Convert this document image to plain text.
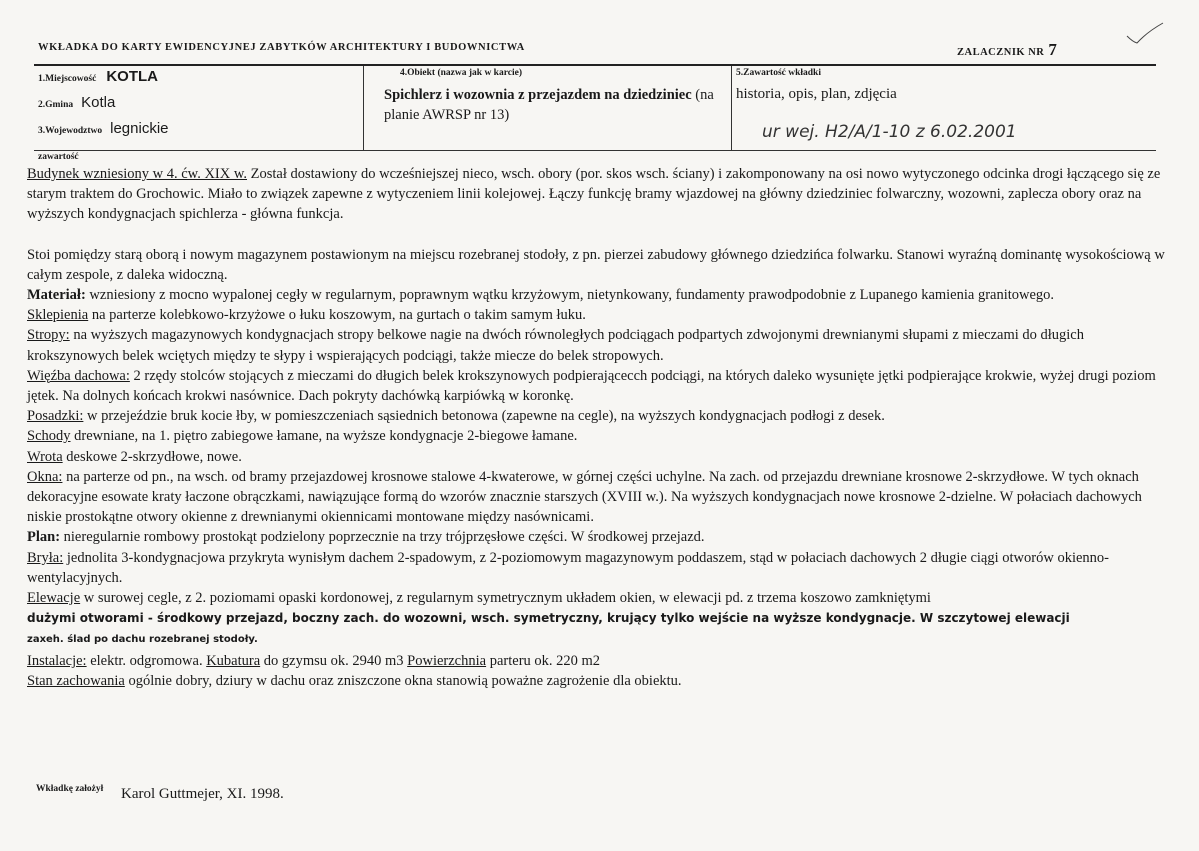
WKŁADKA DO KARTY EWIDENCYJNEJ ZABYTKÓW ARCHITEKTURY I BUDOWNICTWA	ZALACZNIK NR 7
1.Miejscowość KOTLA
2.Gmina Kotla
3.Wojewodztwo legnickie
4.Obiekt (nazwa jak w karcie)
Spichlerz i wozownia z przejazdem na dziedziniec (na planie AWRSP nr 13)
5.Zawartość wkładki
historia, opis, plan, zdjęcia
ur wej. H2/A/1-10 z 6.02.2001
zawartość

Budynek wzniesiony w 4. ćw. XIX w. Został dostawiony do wcześniejszej nieco, wsch. obory (por. skos wsch. ściany) i zakomponowany na osi nowo wytyczonego odcinka drogi łączącego się ze starym traktem do Grochowic. Miało to związek zapewne z wytyczeniem linii kolejowej. Łączy funkcję bramy wjazdowej na główny dziedziniec folwarczny, wozowni, zaplecza obory oraz na wyższych kondygnacjach spichlerza - główna funkcja.

Stoi pomiędzy starą oborą i nowym magazynem postawionym na miejscu rozebranej stodoły, z pn. pierzei zabudowy głównego dziedzińca folwarku. Stanowi wyraźną dominantę wysokościową w całym zespole, z daleka widoczną.

Materiał: wzniesiony z mocno wypalonej cegły w regularnym, poprawnym wątku krzyżowym, nietynkowany, fundamenty prawodpodobnie z Lupanego kamienia granitowego.

Sklepienia na parterze kolebkowo-krzyżowe o łuku koszowym, na gurtach o takim samym łuku.

Stropy: na wyższych magazynowych kondygnacjach stropy belkowe nagie na dwóch równoległych podciągach podpartych zdwojonymi drewnianymi słupami z mieczami do długich krokszynowych belek wciętych między te słypy i wspierających podciągi, także miecze do belek stropowych.

Więźba dachowa: 2 rzędy stolców stojących z mieczami do długich belek krokszynowych podpierającecch podciągi, na których daleko wysunięte jętki podpierające krokwie, wyżej drugi poziom jętek. Na dolnych końcach krokwi nasównice. Dach pokryty dachówką karpiówką w koronkę.

Posadzki: w przejeździe bruk kocie łby, w pomieszczeniach sąsiednich betonowa (zapewne na cegle), na wyższych kondygnacjach podłogi z desek.

Schody drewniane, na 1. piętro zabiegowe łamane, na wyższe kondygnacje 2-biegowe łamane.

Wrota deskowe 2-skrzydłowe, nowe.

Okna: na parterze od pn., na wsch. od bramy przejazdowej krosnowe stalowe 4-kwaterowe, w górnej części uchylne. Na zach. od przejazdu drewniane krosnowe 2-skrzydłowe. W tych oknach dekoracyjne esowate kraty łaczone obrączkami, nawiązujące formą do wzorów znacznie starszych (XVIII w.). Na wyższych kondygnacjach nowe krosnowe 2-dzielne. W połaciach dachowych niskie prostokątne otwory okienne z drewnianymi okiennicami montowane między nasównicami.

Plan: nieregularnie rombowy prostokąt podzielony poprzecznie na trzy trójprzęsłowe części. W środkowej przejazd.

Bryła: jednolita 3-kondygnacjowa przykryta wynisłym dachem 2-spadowym, z 2-poziomowym magazynowym poddaszem, stąd w połaciach dachowych 2 długie ciągi otworów okienno-wentylacyjnych.

Elewacje w surowej cegle, z 2. poziomami opaski kordonowej, z regularnym symetrycznym układem okien, w elewacji pd. z trzema koszowo zamkniętymi
dużymi otworami - środkowy przejazd, boczny zach. do wozowni, wsch. symetryczny, krujący tylko wejście na wyższe kondygnacje. W szczytowej elewacji
zaxeh. ślad po dachu rozebranej stodoły.

Instalacje: elektr. odgromowa. Kubatura do gzymsu ok. 2940 m3 Powierzchnia parteru ok. 220 m2

Stan zachowania ogólnie dobry, dziury w dachu oraz zniszczone okna stanowią poważne zagrożenie dla obiektu.

Wkładkę założył Karol Guttmejer, XI. 1998.
